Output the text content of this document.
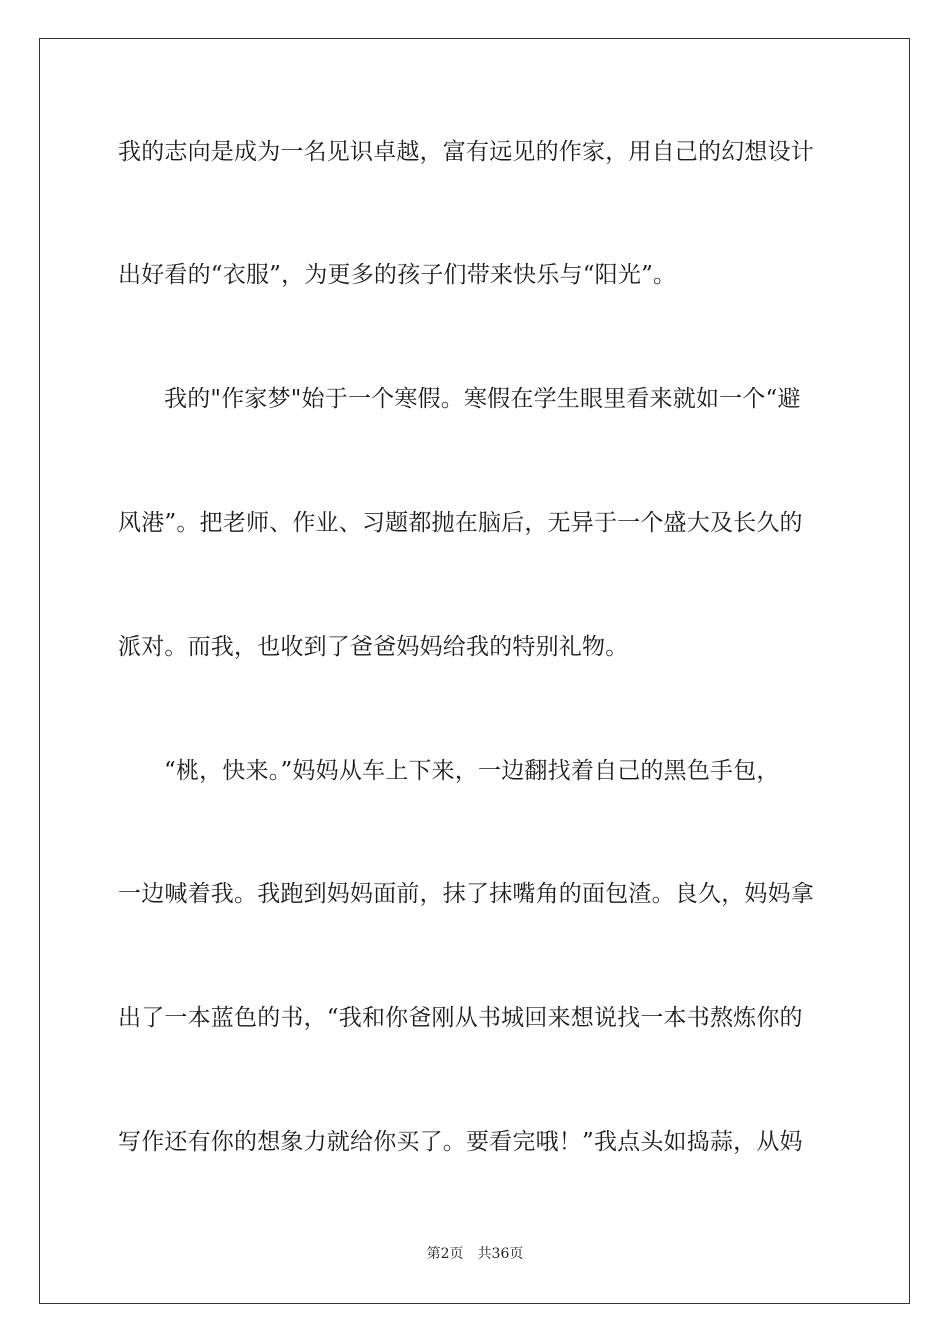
我的志向是成为一名见识卓越，富有远见的作家，用自己的幻想设计
出好看的“衣服”，为更多的孩子们带来快乐与“阳光”。
我的"作家梦"始于一个寒假。寒假在学生眼里看来就如一个“避
风港”。把老师、作业、习题都抛在脑后，无异于一个盛大及长久的
派对。而我，也收到了爸爸妈妈给我的特别礼物。
“桃，快来。”妈妈从车上下来，一边翻找着自己的黑色手包，
一边喊着我。我跑到妈妈面前，抹了抹嘴角的面包渣。良久，妈妈拿
出了一本蓝色的书，“我和你爸刚从书城回来想说找一本书熬炼你的
写作还有你的想象力就给你买了。要看完哦！”我点头如捣蒜，从妈
第2页 共36页
